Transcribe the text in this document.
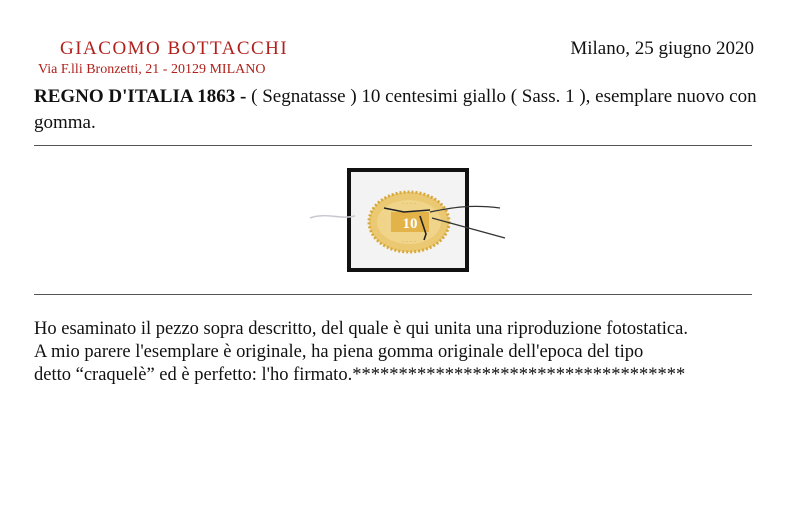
GIACOMO BOTTACCHI
Via F.lli Bronzetti, 21 - 20129 MILANO
Milano, 25 giugno 2020
REGNO D'ITALIA 1863 - ( Segnatasse ) 10 centesimi giallo ( Sass. 1 ), esemplare nuovo con gomma.
10
· · · ·
· · · ·
Ho esaminato il pezzo sopra descritto, del quale è qui unita una riproduzione fotostatica.
A mio parere l'esemplare è originale, ha piena gomma originale dell'epoca del tipo
detto “craquelè” ed è perfetto: l'ho firmato.************************************
